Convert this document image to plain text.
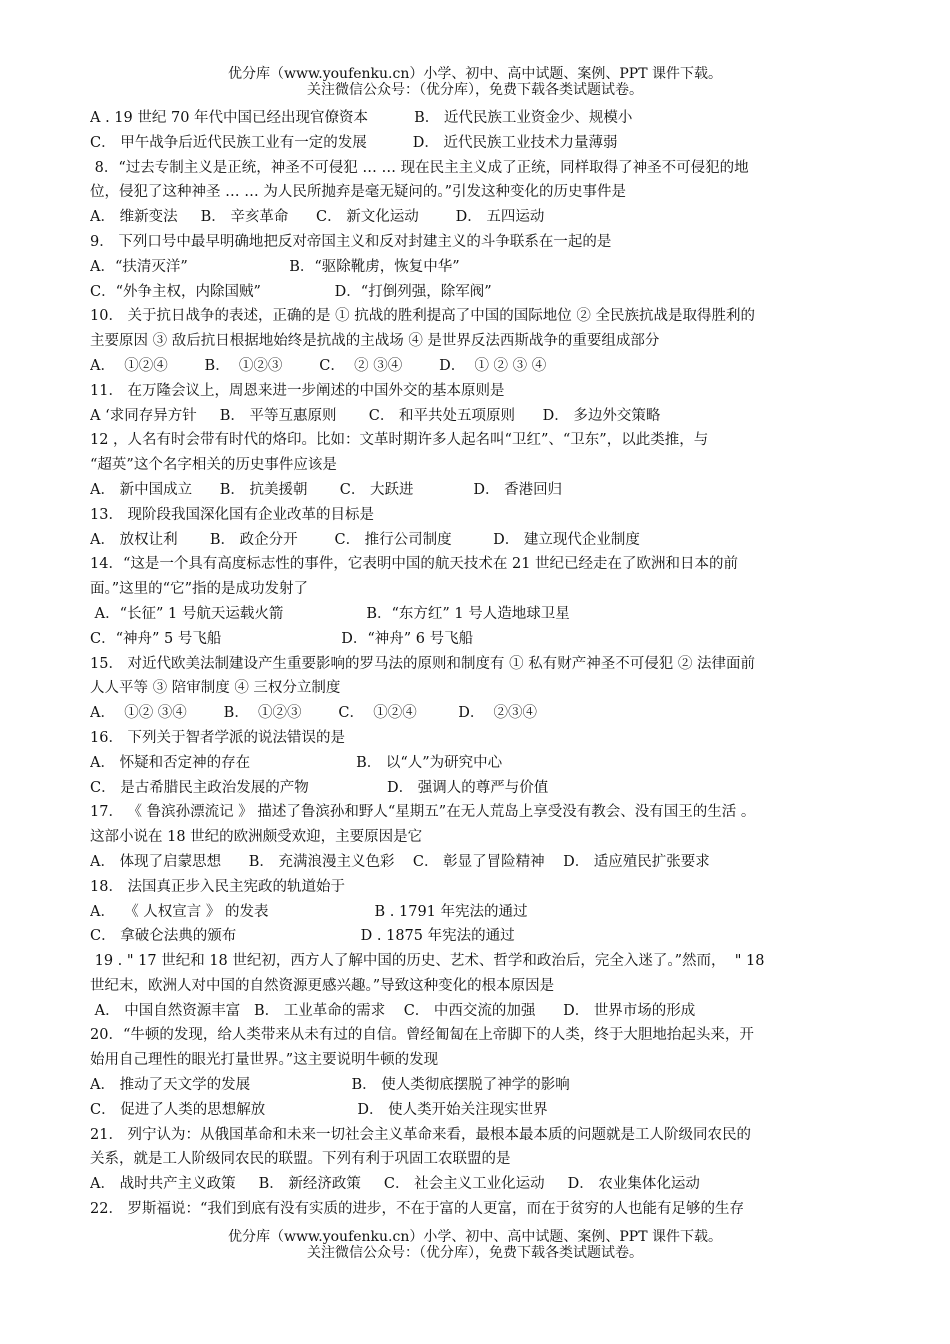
优分库（www.youfenku.cn）小学、初中、高中试题、案例、PPT 课件下载。
关注微信公众号：（优分库），免费下载各类试题试卷。
A . 19 世纪 70 年代中国已经出现官僚资本          B． 近代民族工业资金少、规模小
C． 甲午战争后近代民族工业有一定的发展          D． 近代民族工业技术力量薄弱
8．“过去专制主义是正统，神圣不可侵犯 … … 现在民主主义成了正统，同样取得了神圣不可侵犯的地
位，侵犯了这种神圣 … … 为人民所抛弃是毫无疑问的。”引发这种变化的历史事件是
A． 维新变法     B． 辛亥革命      C． 新文化运动        D． 五四运动
9． 下列口号中最早明确地把反对帝国主义和反对封建主义的斗争联系在一起的是
A．“扶清灭洋”                      B．“驱除靴虏，恢复中华”
C．“外争主权，内除国贼”                D．“打倒列强，除军阀”
10． 关于抗日战争的表述，正确的是 ① 抗战的胜利提高了中国的国际地位 ② 全民族抗战是取得胜利的
主要原因 ③ 敌后抗日根据地始终是抗战的主战场 ④ 是世界反法西斯战争的重要组成部分
A．  ①②④        B．  ①②③        C．  ② ③④        D．  ① ② ③ ④
11． 在万隆会议上，周恩来进一步阐述的中国外交的基本原则是
A ‘求同存异方针     B． 平等互惠原则       C． 和平共处五项原则      D． 多边外交策略
12 ，人名有时会带有时代的烙印。比如：文革时期许多人起名叫“卫红”、“卫东”，以此类推，与
“超英”这个名字相关的历史事件应该是
A． 新中国成立      B． 抗美援朝       C． 大跃进             D． 香港回归
13． 现阶段我国深化国有企业改革的目标是
A． 放权让利       B． 政企分开        C． 推行公司制度         D． 建立现代企业制度
14．“这是一个具有高度标志性的事件，它表明中国的航天技术在 21 世纪已经走在了欧洲和日本的前
面。”这里的“它”指的是成功发射了
A．“长征” 1 号航天运载火箭                  B．“东方红” 1 号人造地球卫星
C．“神舟” 5 号飞船                          D．“神舟” 6 号飞船
15． 对近代欧美法制建设产生重要影响的罗马法的原则和制度有 ① 私有财产神圣不可侵犯 ② 法律面前
人人平等 ③ 陪审制度 ④ 三权分立制度
A．  ①② ③④        B．  ①②③        C．  ①②④         D．  ②③④
16． 下列关于智者学派的说法错误的是
A． 怀疑和否定神的存在                       B． 以“人”为研究中心
C． 是古希腊民主政治发展的产物                 D． 强调人的尊严与价值
17． 《 鲁滨孙漂流记 》 描述了鲁滨孙和野人“星期五”在无人荒岛上享受没有教会、没有国王的生活 。
这部小说在 18 世纪的欧洲颇受欢迎，主要原因是它
A． 体现了启蒙思想      B． 充满浪漫主义色彩    C． 彰显了冒险精神    D． 适应殖民扩张要求
18． 法国真正步入民主宪政的轨道始于
A．  《 人权宣言 》 的发表                       B . 1791 年宪法的通过
C． 拿破仑法典的颁布                           D . 1875 年宪法的通过
19 . " 17 世纪和 18 世纪初，西方人了解中国的历史、艺术、哲学和政治后，完全入迷了。”然而，  " 18
世纪末，欧洲人对中国的自然资源更感兴趣。”导致这种变化的根本原因是
A． 中国自然资源丰富   B． 工业革命的需求    C． 中西交流的加强      D． 世界市场的形成
20．“牛顿的发现，给人类带来从未有过的自信。曾经匍匐在上帝脚下的人类，终于大胆地抬起头来，开
始用自己理性的眼光打量世界。”这主要说明牛顿的发现
A． 推动了天文学的发展                      B． 使人类彻底摆脱了神学的影响
C． 促进了人类的思想解放                    D． 使人类开始关注现实世界
21． 列宁认为：从俄国革命和未来一切社会主义革命来看，最根本最本质的问题就是工人阶级同农民的
关系，就是工人阶级同农民的联盟。下列有利于巩固工农联盟的是
A． 战时共产主义政策     B． 新经济政策     C． 社会主义工业化运动     D． 农业集体化运动
22． 罗斯福说：“我们到底有没有实质的进步，不在于富的人更富，而在于贫穷的人也能有足够的生存
优分库（www.youfenku.cn）小学、初中、高中试题、案例、PPT 课件下载。
关注微信公众号：（优分库），免费下载各类试题试卷。
